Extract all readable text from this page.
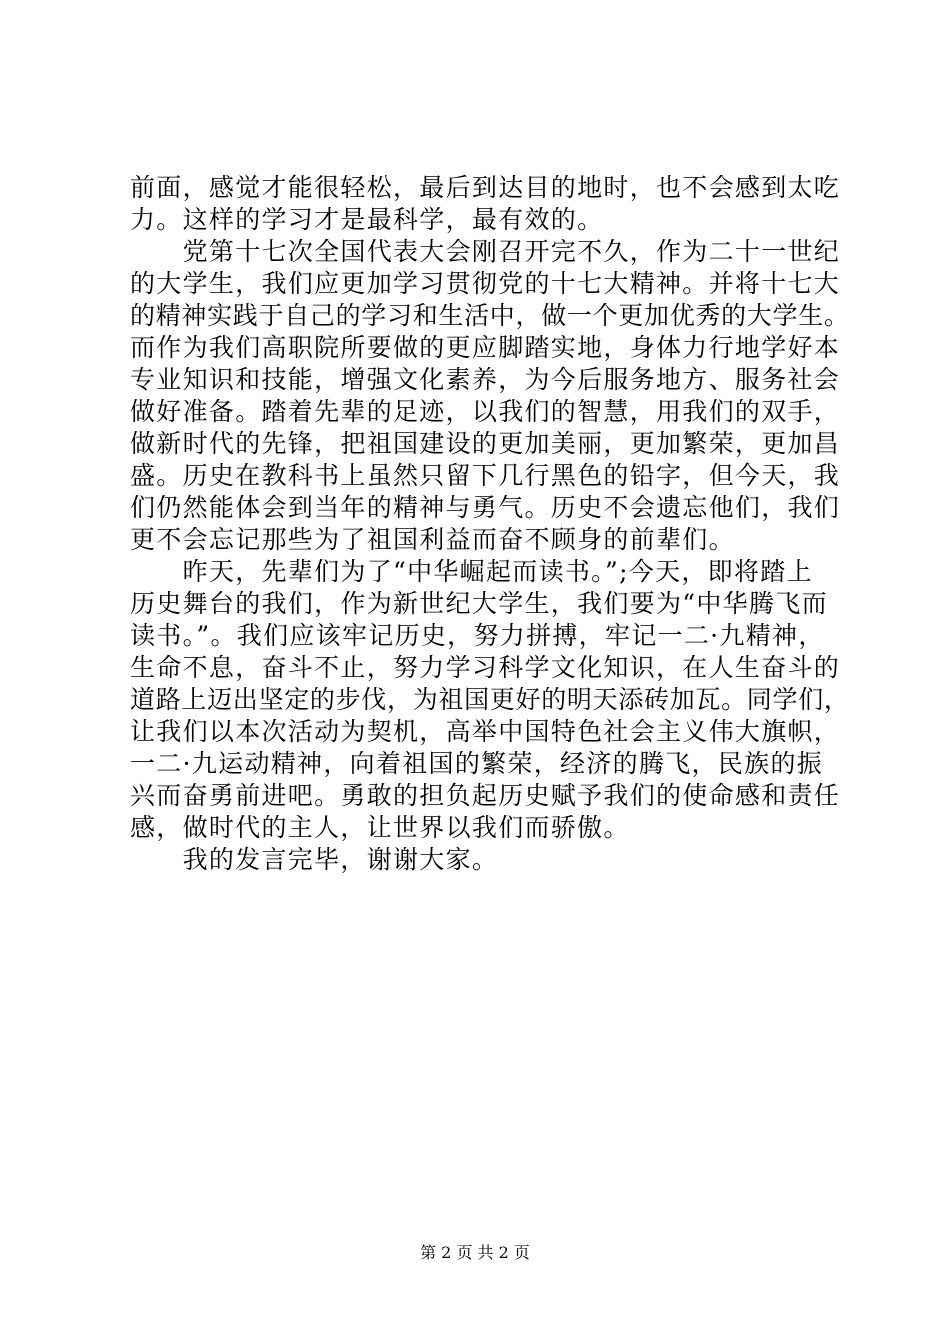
前面，感觉才能很轻松，最后到达目的地时，也不会感到太吃
力。这样的学习才是最科学，最有效的。
　　党第十七次全国代表大会刚召开完不久，作为二十一世纪
的大学生，我们应更加学习贯彻党的十七大精神。并将十七大
的精神实践于自己的学习和生活中，做一个更加优秀的大学生。
而作为我们高职院所要做的更应脚踏实地，身体力行地学好本
专业知识和技能，增强文化素养，为今后服务地方、服务社会
做好准备。踏着先辈的足迹，以我们的智慧，用我们的双手，
做新时代的先锋，把祖国建设的更加美丽，更加繁荣，更加昌
盛。历史在教科书上虽然只留下几行黑色的铅字，但今天，我
们仍然能体会到当年的精神与勇气。历史不会遗忘他们，我们
更不会忘记那些为了祖国利益而奋不顾身的前辈们。
　　昨天，先辈们为了“中华崛起而读书。”;今天，即将踏上
历史舞台的我们，作为新世纪大学生，我们要为“中华腾飞而
读书。”。我们应该牢记历史，努力拼搏，牢记一二·九精神，
生命不息，奋斗不止，努力学习科学文化知识，在人生奋斗的
道路上迈出坚定的步伐，为祖国更好的明天添砖加瓦。同学们，
让我们以本次活动为契机，高举中国特色社会主义伟大旗帜，
一二·九运动精神，向着祖国的繁荣，经济的腾飞，民族的振
兴而奋勇前进吧。勇敢的担负起历史赋予我们的使命感和责任
感，做时代的主人，让世界以我们而骄傲。
　　我的发言完毕，谢谢大家。
第 2 页 共 2 页
